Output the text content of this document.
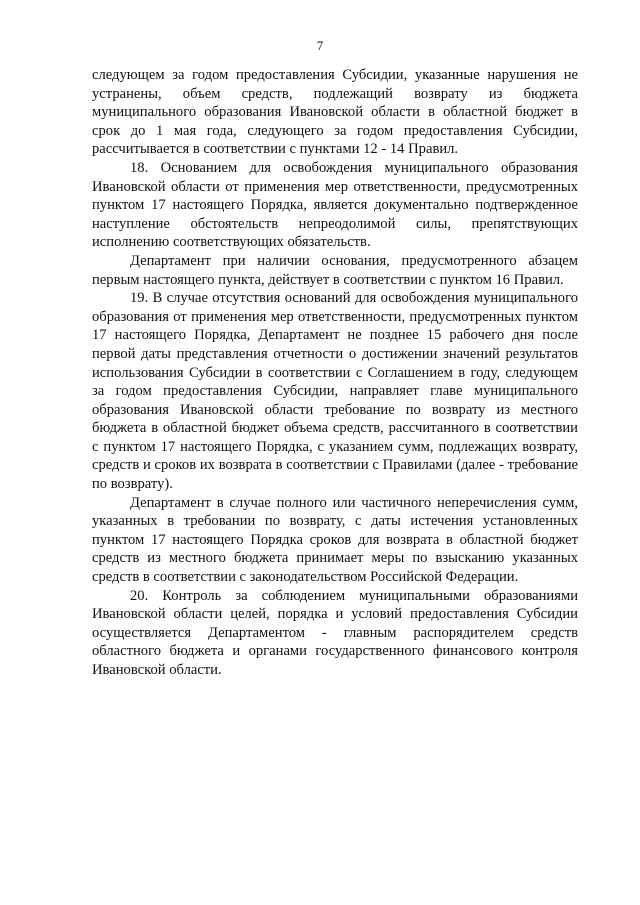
7

следующем за годом предоставления Субсидии, указанные нарушения не устранены, объем средств, подлежащий возврату из бюджета муниципального образования Ивановской области в областной бюджет в срок до 1 мая года, следующего за годом предоставления Субсидии, рассчитывается в соответствии с пунктами 12 - 14 Правил.

18. Основанием для освобождения муниципального образования Ивановской области от применения мер ответственности, предусмотренных пунктом 17 настоящего Порядка, является документально подтвержденное наступление обстоятельств непреодолимой силы, препятствующих исполнению соответствующих обязательств.

Департамент при наличии основания, предусмотренного абзацем первым настоящего пункта, действует в соответствии с пунктом 16 Правил.

19. В случае отсутствия оснований для освобождения муниципального образования от применения мер ответственности, предусмотренных пунктом 17 настоящего Порядка, Департамент не позднее 15 рабочего дня после первой даты представления отчетности о достижении значений результатов использования Субсидии в соответствии с Соглашением в году, следующем за годом предоставления Субсидии, направляет главе муниципального образования Ивановской области требование по возврату из местного бюджета в областной бюджет объема средств, рассчитанного в соответствии с пунктом 17 настоящего Порядка, с указанием сумм, подлежащих возврату, средств и сроков их возврата в соответствии с Правилами (далее - требование по возврату).

Департамент в случае полного или частичного неперечисления сумм, указанных в требовании по возврату, с даты истечения установленных пунктом 17 настоящего Порядка сроков для возврата в областной бюджет средств из местного бюджета принимает меры по взысканию указанных средств в соответствии с законодательством Российской Федерации.

20. Контроль за соблюдением муниципальными образованиями Ивановской области целей, порядка и условий предоставления Субсидии осуществляется Департаментом - главным распорядителем средств областного бюджета и органами государственного финансового контроля Ивановской области.
